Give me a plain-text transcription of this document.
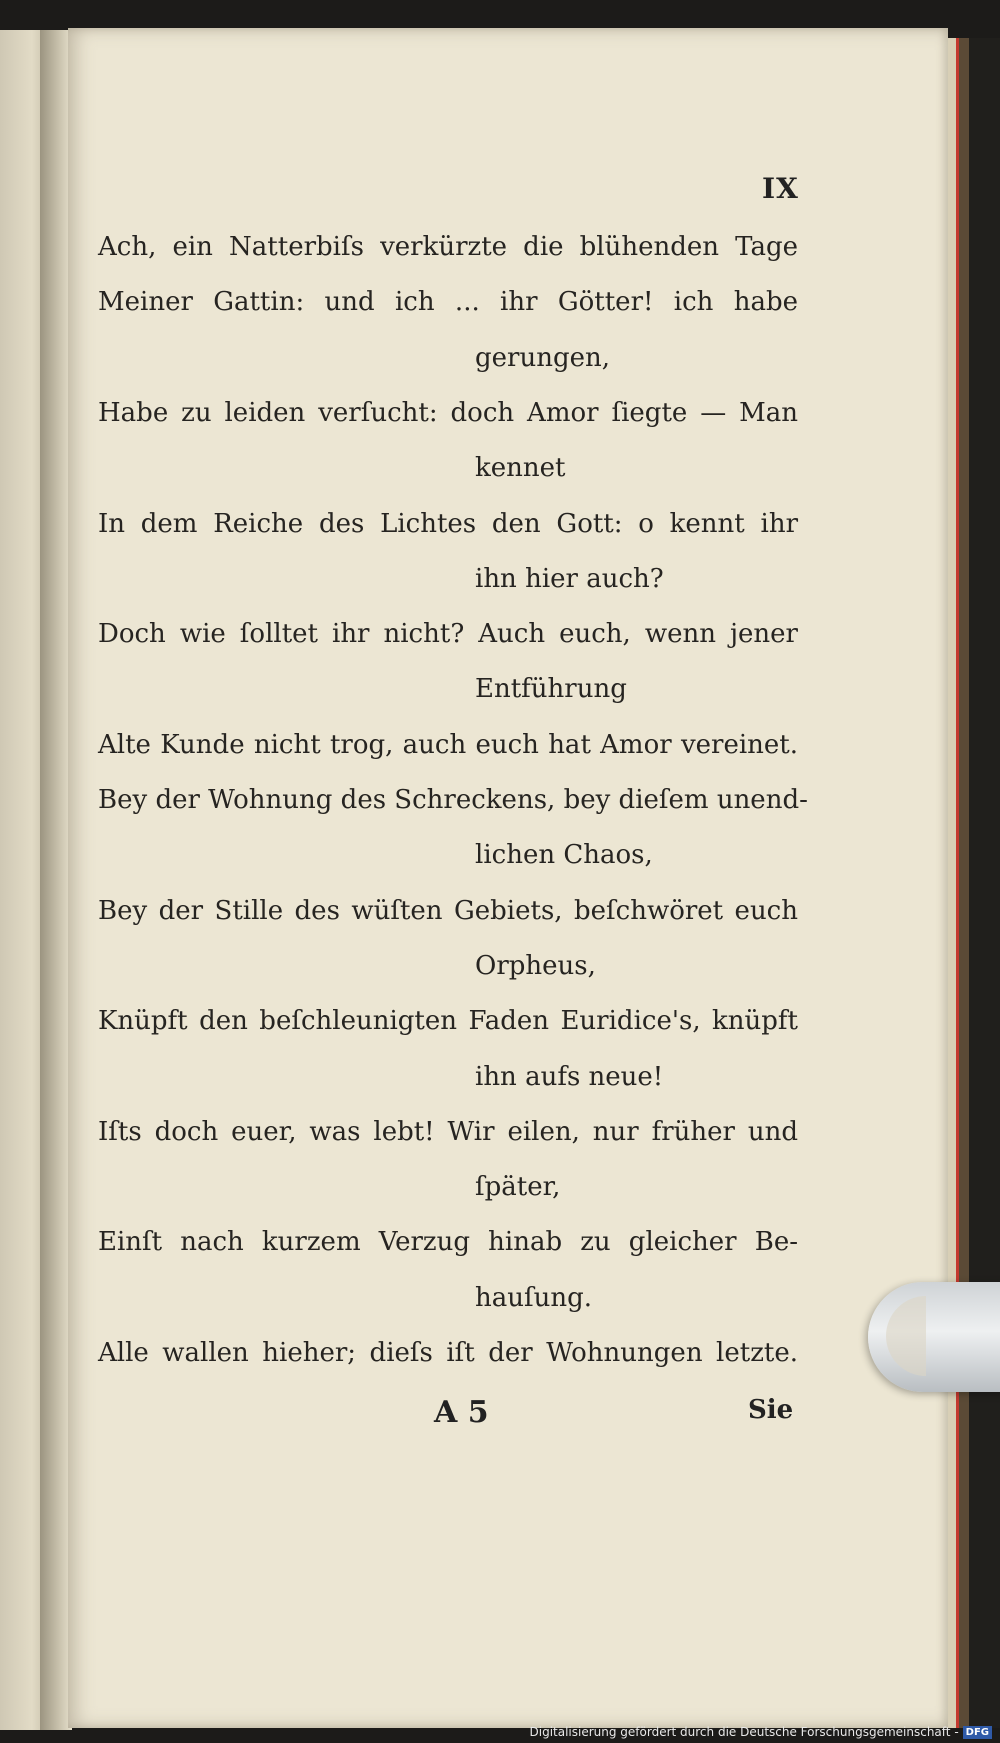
IX
Ach, ein Natterbiſs verkürzte die blühenden Tage
Meiner Gattin: und ich ... ihr Götter! ich habe
gerungen,
Habe zu leiden verſucht: doch Amor ſiegte — Man
kennet
In dem Reiche des Lichtes den Gott: o kennt ihr
ihn hier auch?
Doch wie ſolltet ihr nicht? Auch euch, wenn jener
Entführung
Alte Kunde nicht trog, auch euch hat Amor vereinet.
Bey der Wohnung des Schreckens, bey dieſem unend-
lichen Chaos,
Bey der Stille des wüſten Gebiets, beſchwöret euch
Orpheus,
Knüpft den beſchleunigten Faden Euridice's, knüpft
ihn aufs neue!
Iſts doch euer, was lebt! Wir eilen, nur früher und
ſpäter,
Einſt nach kurzem Verzug hinab zu gleicher Be-
hauſung.
Alle wallen hieher; dieſs iſt der Wohnungen letzte.
A 5	Sie
Digitalisierung gefördert durch die Deutsche Forschungsgemeinschaft - DFG
